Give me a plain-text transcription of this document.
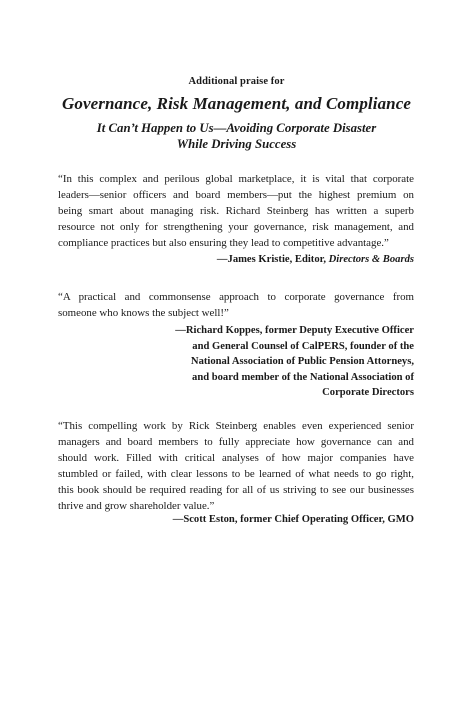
Additional praise for
Governance, Risk Management, and Compliance
It Can’t Happen to Us—Avoiding Corporate Disaster
While Driving Success
“In this complex and perilous global marketplace, it is vital that corporate
leaders—senior officers and board members—put the highest premium on
being smart about managing risk. Richard Steinberg has written a superb
resource not only for strengthening your governance, risk management, and
compliance practices but also ensuring they lead to competitive advantage.”
—James Kristie, Editor, Directors & Boards
“A practical and commonsense approach to corporate governance from
someone who knows the subject well!”
—Richard Koppes, former Deputy Executive Officer
and General Counsel of CalPERS, founder of the
National Association of Public Pension Attorneys,
and board member of the National Association of
Corporate Directors
“This compelling work by Rick Steinberg enables even experienced senior
managers and board members to fully appreciate how governance can and
should work. Filled with critical analyses of how major companies have
stumbled or failed, with clear lessons to be learned of what needs to go right,
this book should be required reading for all of us striving to see our businesses
thrive and grow shareholder value.”
—Scott Eston, former Chief Operating Officer, GMO
